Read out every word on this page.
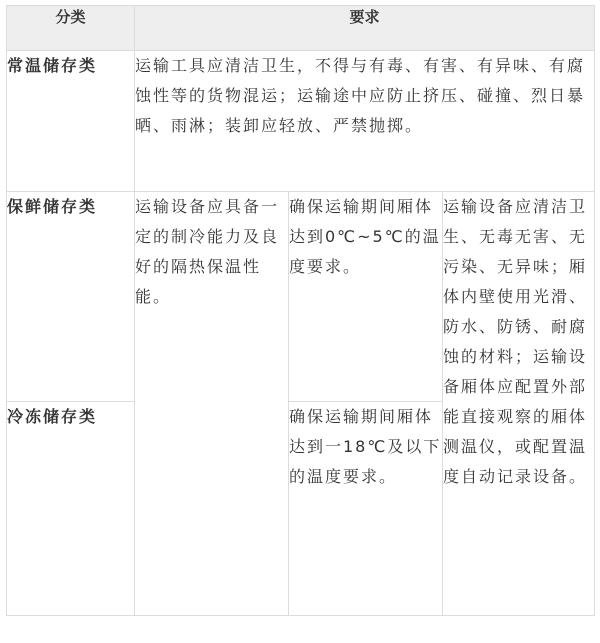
分类	要求		
常温储存类	运输工具应清洁卫生，不得与有毒、有害、有异味、有腐蚀性等的货物混运；运输途中应防止挤压、碰撞、烈日暴晒、雨淋；装卸应轻放、严禁抛掷。		
保鲜储存类	运输设备应具备一定的制冷能力及良好的隔热保温性能。	确保运输期间厢体达到0℃~5℃的温度要求。	运输设备应清洁卫生、无毒无害、无污染、无异味；厢体内壁使用光滑、防水、防锈、耐腐蚀的材料；运输设备厢体应配置外部能直接观察的厢体测温仪，或配置温度自动记录设备。
冷冻储存类		确保运输期间厢体达到一18℃及以下的温度要求。	
